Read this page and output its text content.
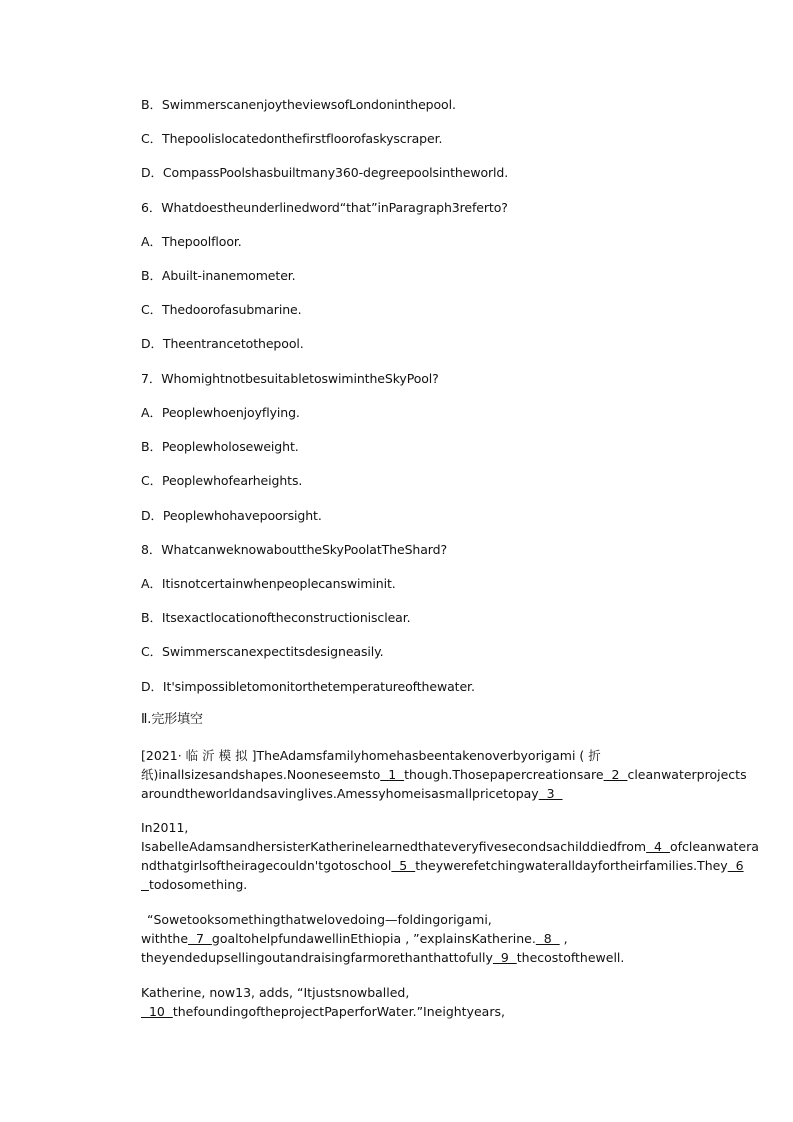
B．SwimmerscanenjoytheviewsofLondoninthepool.
C．Thepoolislocatedonthefirstfloorofaskyscraper.
D．CompassPoolshasbuiltmany360-degreepoolsintheworld.
6．Whatdoestheunderlinedword“that”inParagraph3referto?
A．Thepoolfloor.
B．Abuilt-inanemometer.
C．Thedoorofasubmarine.
D．Theentrancetothepool.
7．WhomightnotbesuitabletoswimintheSkyPool?
A．Peoplewhoenjoyflying.
B．Peoplewholoseweight.
C．Peoplewhofearheights.
D．Peoplewhohavepoorsight.
8．WhatcanweknowabouttheSkyPoolatTheShard?
A．Itisnotcertainwhenpeoplecanswiminit.
B．Itsexactlocationoftheconstructionisclear.
C．Swimmerscanexpectitsdesigneasily.
D．It'simpossibletomonitorthetemperatureofthewater.
Ⅱ.完形填空
[2021· 临 沂 模 拟 ]TheAdamsfamilyhomehasbeentakenoverbyorigami ( 折
纸)inallsizesandshapes.Nooneseemsto  1  though.Thosepapercreationsare  2  cleanwaterprojects
aroundtheworldandsavinglives.Amessyhomeisasmallpricetopay  3
In2011,
IsabelleAdamsandhersisterKatherinelearnedthateveryfivesecondsachilddiedfrom  4  ofcleanwatera
ndthatgirlsoftheiragecouldn'tgotoschool  5  theywerefetchingwateralldayfortheirfamilies.They  6
todosomething.
“Sowetooksomethingthatwelovedoing—foldingorigami,
withthe  7  goaltohelpfundawellinEthiopia , ”explainsKatherine.  8   ,
theyendedupsellingoutandraisingfarmorethanthattofully  9  thecostofthewell.
Katherine, now13, adds, “Itjustsnowballed,
10  thefoundingoftheprojectPaperforWater.”Ineightyears,
